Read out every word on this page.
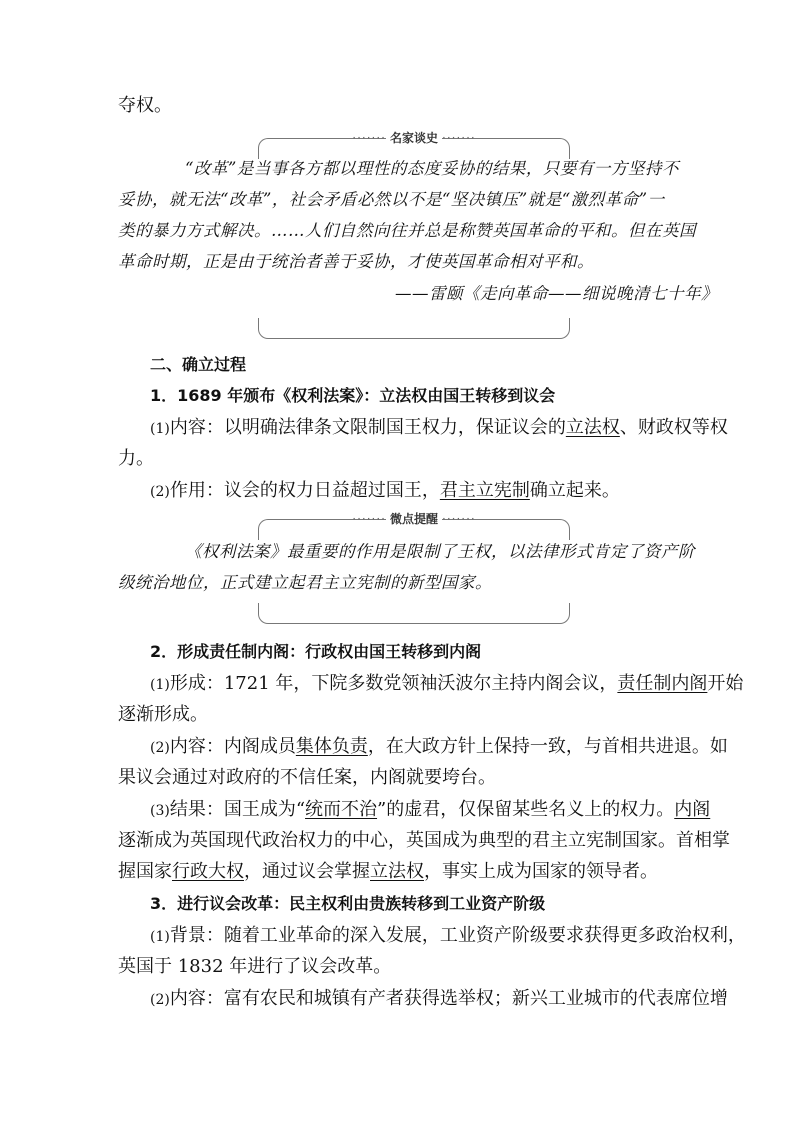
夺权。
······· 名家谈史 ·······
“改革”是当事各方都以理性的态度妥协的结果，只要有一方坚持不
妥协，就无法“改革”，社会矛盾必然以不是“坚决镇压”就是“激烈革命”一
类的暴力方式解决。……人们自然向往并总是称赞英国革命的平和。但在英国
革命时期，正是由于统治者善于妥协，才使英国革命相对平和。
——雷颐《走向革命——细说晚清七十年》
二、确立过程
1．1689 年颁布《权利法案》：立法权由国王转移到议会
(1)内容：以明确法律条文限制国王权力，保证议会的立法权、财政权等权
力。
(2)作用：议会的权力日益超过国王，君主立宪制确立起来。
······· 微点提醒 ·······
《权利法案》最重要的作用是限制了王权，以法律形式肯定了资产阶
级统治地位，正式建立起君主立宪制的新型国家。
2．形成责任制内阁：行政权由国王转移到内阁
(1)形成：1721 年，下院多数党领袖沃波尔主持内阁会议，责任制内阁开始
逐渐形成。
(2)内容：内阁成员集体负责，在大政方针上保持一致，与首相共进退。如
果议会通过对政府的不信任案，内阁就要垮台。
(3)结果：国王成为“统而不治”的虚君，仅保留某些名义上的权力。内阁
逐渐成为英国现代政治权力的中心，英国成为典型的君主立宪制国家。首相掌
握国家行政大权，通过议会掌握立法权，事实上成为国家的领导者。
3．进行议会改革：民主权利由贵族转移到工业资产阶级
(1)背景：随着工业革命的深入发展，工业资产阶级要求获得更多政治权利，
英国于 1832 年进行了议会改革。
(2)内容：富有农民和城镇有产者获得选举权；新兴工业城市的代表席位增
